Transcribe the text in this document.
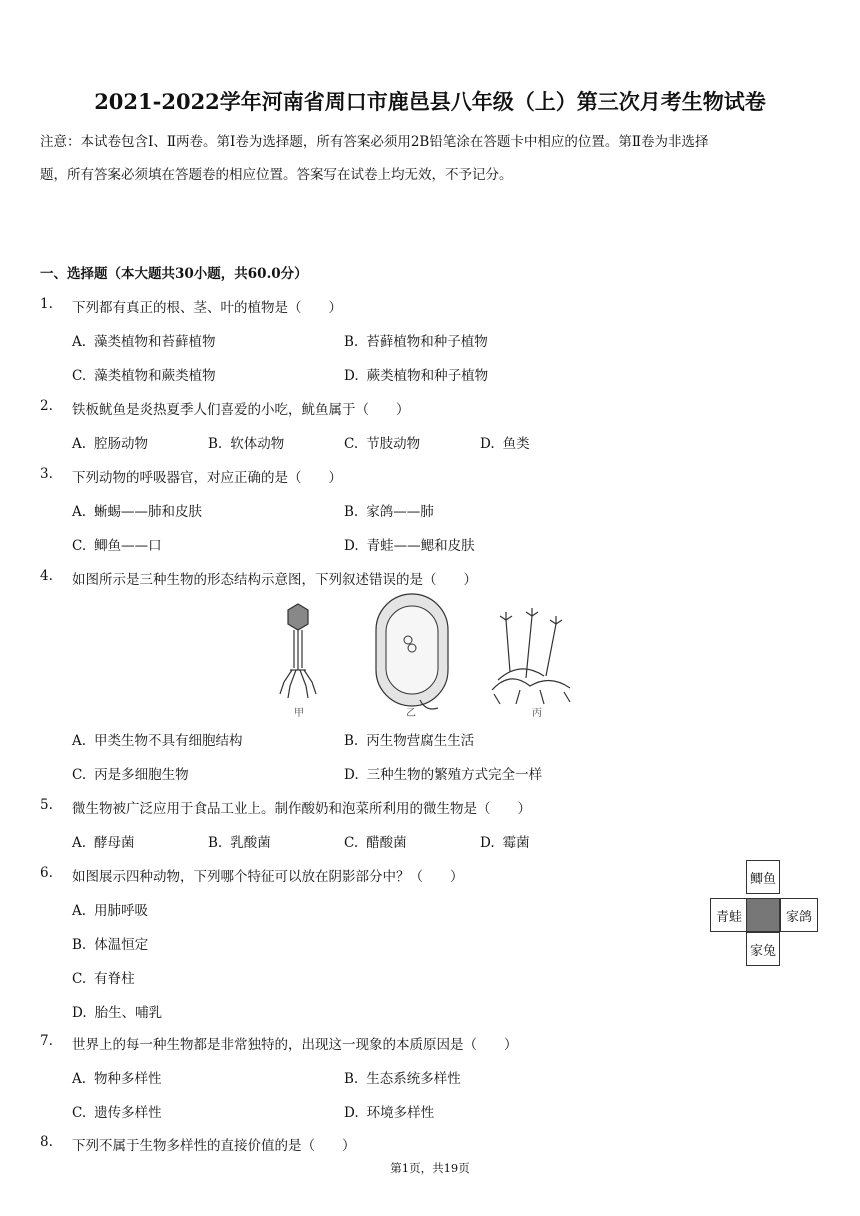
2021-2022学年河南省周口市鹿邑县八年级（上）第三次月考生物试卷
注意：本试卷包含Ⅰ、Ⅱ两卷。第Ⅰ卷为选择题，所有答案必须用2B铅笔涂在答题卡中相应的位置。第Ⅱ卷为非选择
题，所有答案必须填在答题卷的相应位置。答案写在试卷上均无效，不予记分。
一、选择题（本大题共30小题，共60.0分）
1. 下列都有真正的根、茎、叶的植物是（　　）
A. 藻类植物和苔藓植物	B. 苔藓植物和种子植物
C. 藻类植物和蕨类植物	D. 蕨类植物和种子植物
2. 铁板鱿鱼是炎热夏季人们喜爱的小吃，鱿鱼属于（　　）
A. 腔肠动物	B. 软体动物	C. 节肢动物	D. 鱼类
3. 下列动物的呼吸器官，对应正确的是（　　）
A. 蜥蜴——肺和皮肤	B. 家鸽——肺
C. 鲫鱼——口	D. 青蛙——鳃和皮肤
4. 如图所示是三种生物的形态结构示意图，下列叙述错误的是（　　）
甲	乙	丙
A. 甲类生物不具有细胞结构	B. 丙生物营腐生生活
C. 丙是多细胞生物	D. 三种生物的繁殖方式完全一样
5. 微生物被广泛应用于食品工业上。制作酸奶和泡菜所利用的微生物是（　　）
A. 酵母菌	B. 乳酸菌	C. 醋酸菌	D. 霉菌
6. 如图展示四种动物，下列哪个特征可以放在阴影部分中？（　　）
A. 用肺呼吸
B. 体温恒定
C. 有脊柱
D. 胎生、哺乳
鲫鱼
青蛙	家鸽
家兔
7. 世界上的每一种生物都是非常独特的，出现这一现象的本质原因是（　　）
A. 物种多样性	B. 生态系统多样性
C. 遗传多样性	D. 环境多样性
8. 下列不属于生物多样性的直接价值的是（　　）
第1页，共19页
